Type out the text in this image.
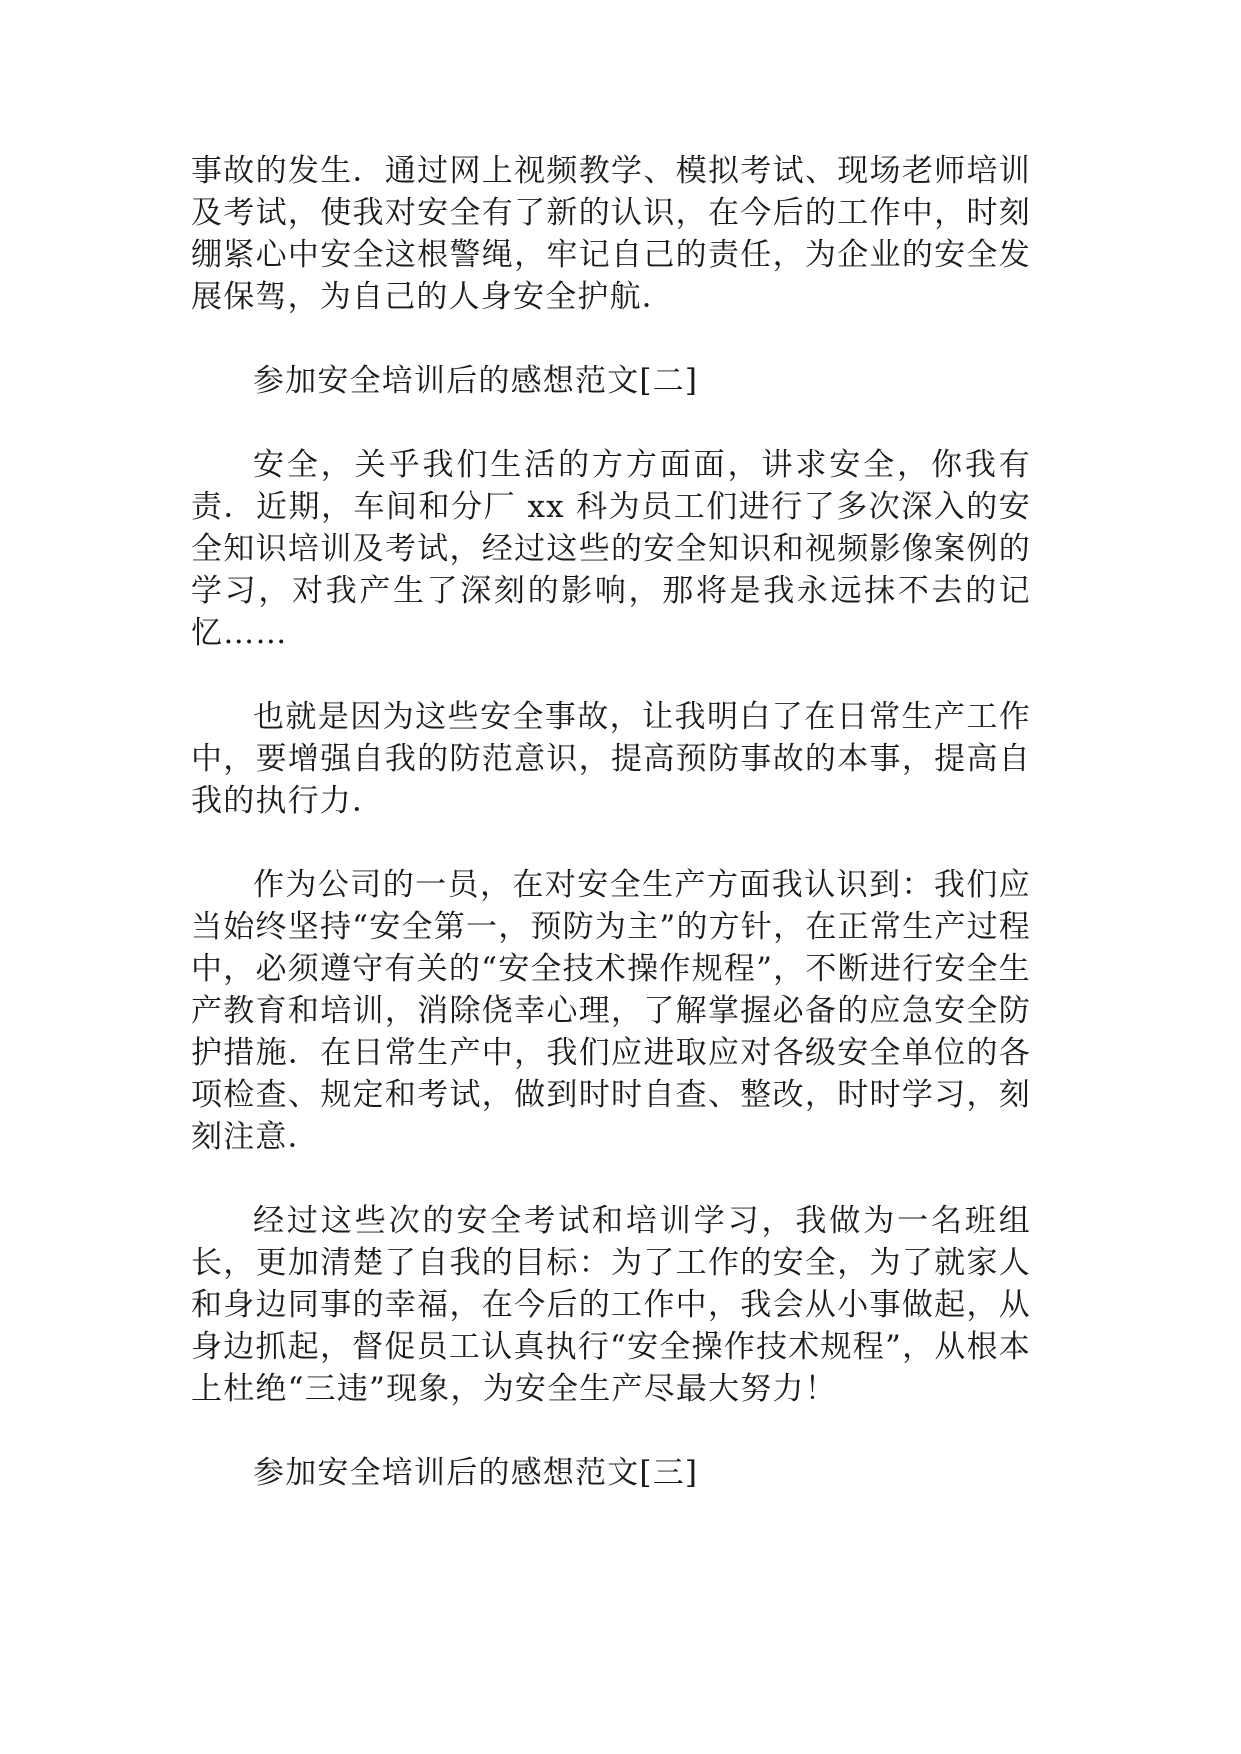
事故的发生．通过网上视频教学、模拟考试、现场老师培训及考试，使我对安全有了新的认识，在今后的工作中，时刻绷紧心中安全这根警绳，牢记自己的责任，为企业的安全发展保驾，为自己的人身安全护航．

参加安全培训后的感想范文[二]

安全，关乎我们生活的方方面面，讲求安全，你我有责．近期，车间和分厂 xx 科为员工们进行了多次深入的安全知识培训及考试，经过这些的安全知识和视频影像案例的学习，对我产生了深刻的影响，那将是我永远抹不去的记忆……

也就是因为这些安全事故，让我明白了在日常生产工作中，要增强自我的防范意识，提高预防事故的本事，提高自我的执行力．

作为公司的一员，在对安全生产方面我认识到：我们应当始终坚持“安全第一，预防为主”的方针，在正常生产过程中，必须遵守有关的“安全技术操作规程”，不断进行安全生产教育和培训，消除侥幸心理，了解掌握必备的应急安全防护措施．在日常生产中，我们应进取应对各级安全单位的各项检查、规定和考试，做到时时自查、整改，时时学习，刻刻注意．

经过这些次的安全考试和培训学习，我做为一名班组长，更加清楚了自我的目标：为了工作的安全，为了就家人和身边同事的幸福，在今后的工作中，我会从小事做起，从身边抓起，督促员工认真执行“安全操作技术规程”，从根本上杜绝“三违”现象，为安全生产尽最大努力！

参加安全培训后的感想范文[三]
